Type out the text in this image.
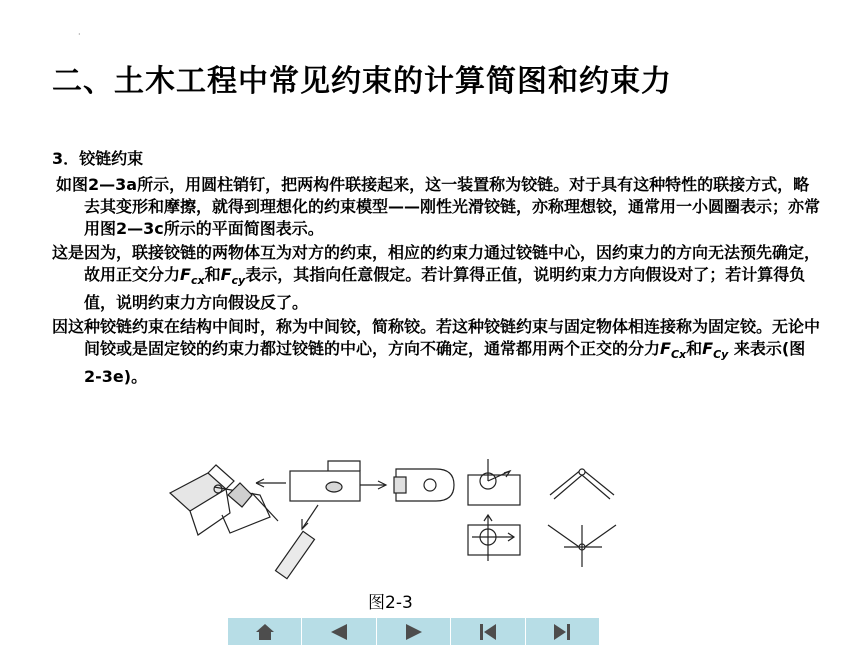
·
二、土木工程中常见约束的计算简图和约束力

3．铰链约束

如图2—3a所示，用圆柱销钉，把两构件联接起来，这一装置称为铰链。对于具有这种特性的联接方式，略去其变形和摩擦，就得到理想化的约束模型——刚性光滑铰链，亦称理想铰，通常用一小圆圈表示；亦常用图2—3c所示的平面简图表示。

这是因为，联接铰链的两物体互为对方的约束，相应的约束力通过铰链中心，因约束力的方向无法预先确定，故用正交分力$F_{cx}$和$F_{cy}$表示，其指向任意假定。若计算得正值，说明约束力方向假设对了；若计算得负值，说明约束力方向假设反了。

因这种铰链约束在结构中间时，称为中间铰，简称铰。若这种铰链约束与固定物体相连接称为固定铰。无论中间铰或是固定铰的约束力都过铰链的中心，方向不确定，通常都用两个正交的分力$F_{Cx}$和$F_{Cy}$ 来表示(图2-3e)。

图2-3
